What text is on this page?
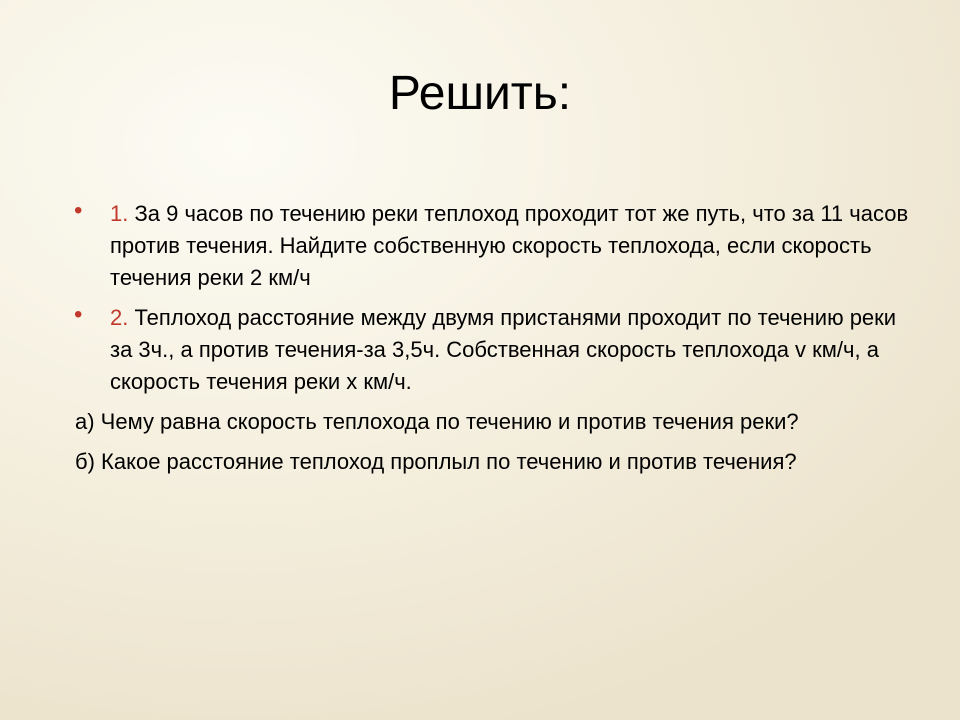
Решить:
• 1. За 9 часов по течению реки теплоход проходит тот же путь, что за 11 часов против течения. Найдите собственную скорость теплохода, если скорость течения реки 2 км/ч
• 2. Теплоход расстояние между двумя пристанями проходит по течению реки за 3ч., а против течения-за 3,5ч. Собственная скорость теплохода v км/ч, а скорость течения реки x км/ч.
а) Чему равна скорость теплохода по течению и против течения реки?
б) Какое расстояние теплоход проплыл по течению и против течения?
